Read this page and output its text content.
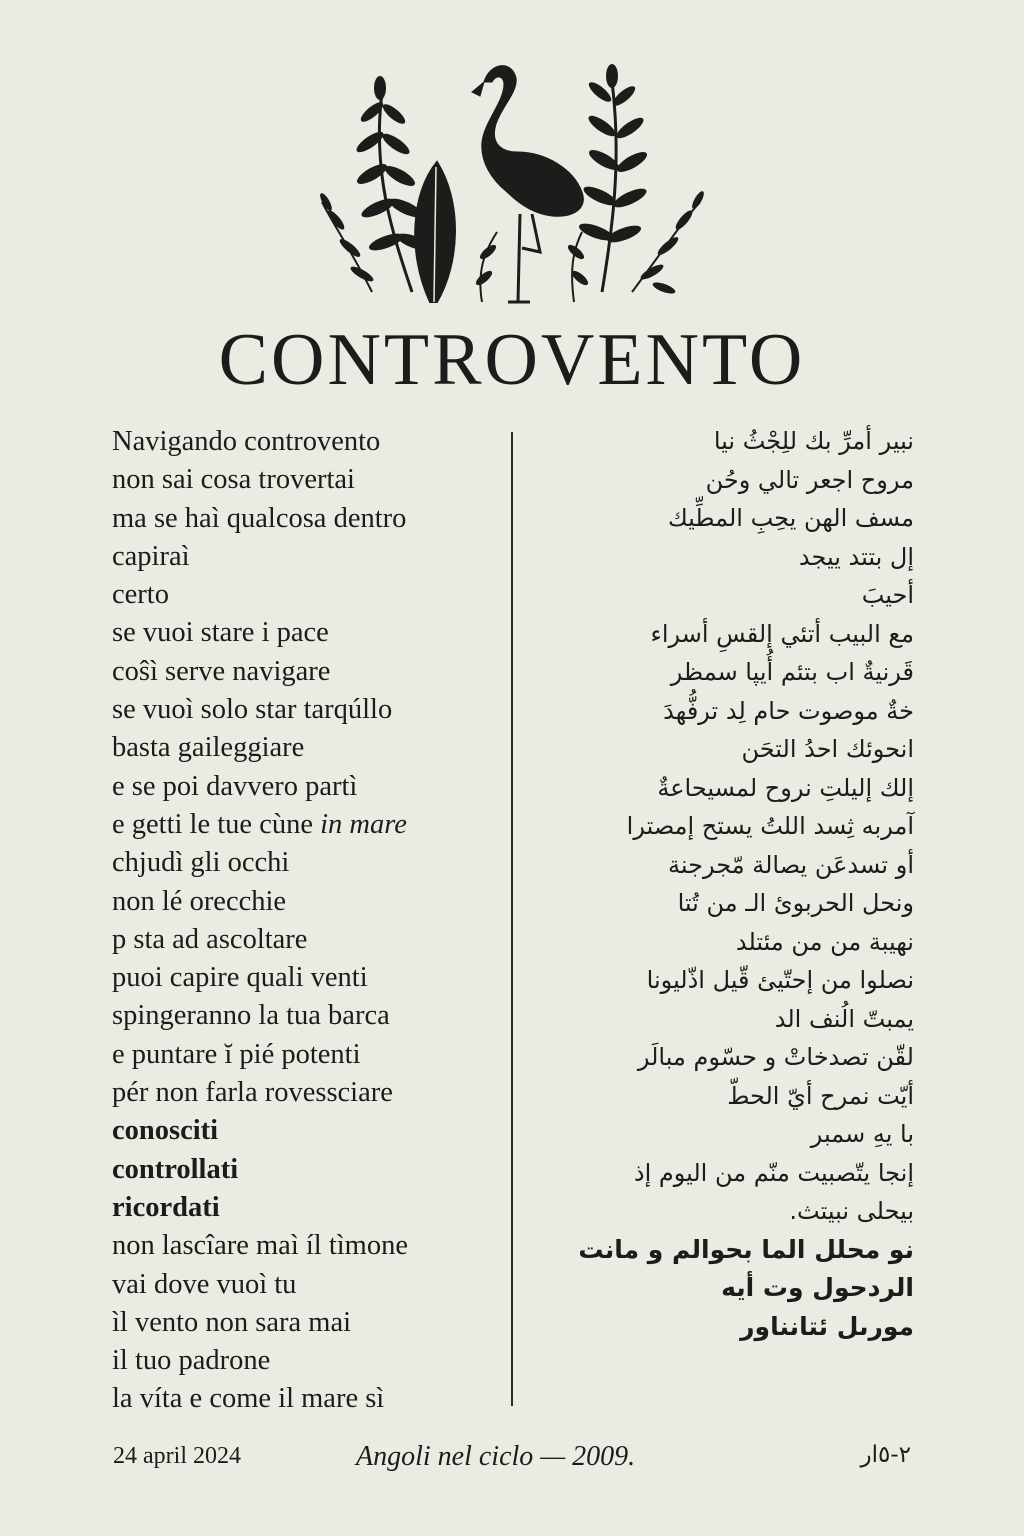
CONTROVENTO
Navigando controvento
non sai cosa trovertai
ma se haì qualcosa dentro
capiraì
certo
se vuoi stare i pace
coŝì serve navigare
se vuoì solo star tarqúllo
basta gaileggiare
e se poi davvero partì
e getti le tue cùne in mare
chjudì gli occhi
non lé orecchie
p sta ad ascoltare
puoi capire quali venti
spingeranno la tua barca
e puntare ĭ pié potenti
pér non farla rovessciare
conosciti
controllati
ricordati
non lascîare maì íl tìmone
vai dove vuoì tu
ìl vento non sara mai
il tuo padrone
la víta e come il mare sì
نبير أمرِّ بك للِجْثُ نيا
مروح اجعر تالي وحُن
مسف الهن يحِبِ المطِّيك
إل بتتد ييجد
أحيبَ
مع البيب أتئي إلقسِ أسراء
قَرنيةٌ اب بتئم أُيپا سمظر
خةٌ موصوت حام لِد ترفُّهدَ
انحوئك احدُ التحَن
إلك إليلتِ نروح لمسيحاعةٌ
آمربه ثِسد اللتُ يستح إمصترا
أو تسدعَن يصالة مّجرجنة
ونحل الحربوئ الـ من تُتا
نهيبة من من مئتلد
نصلوا من إحتّيئ قّيل اذّليونا
يمبتّ الُنف الد
لقّن تصدخاتْ و حسّوم مبالَر
أيّت نمرح أيّ الحطّ
با يهِ سمبر
إنجا يتّصبيت منّم من اليوم إذ
بيحلى نبيتث.
نو محلل الما بحوالم و مانت
الردحول وت أيه
مورىل ئتانناور
24 april 2024	Angoli nel ciclo — 2009.	٢-٥ار
